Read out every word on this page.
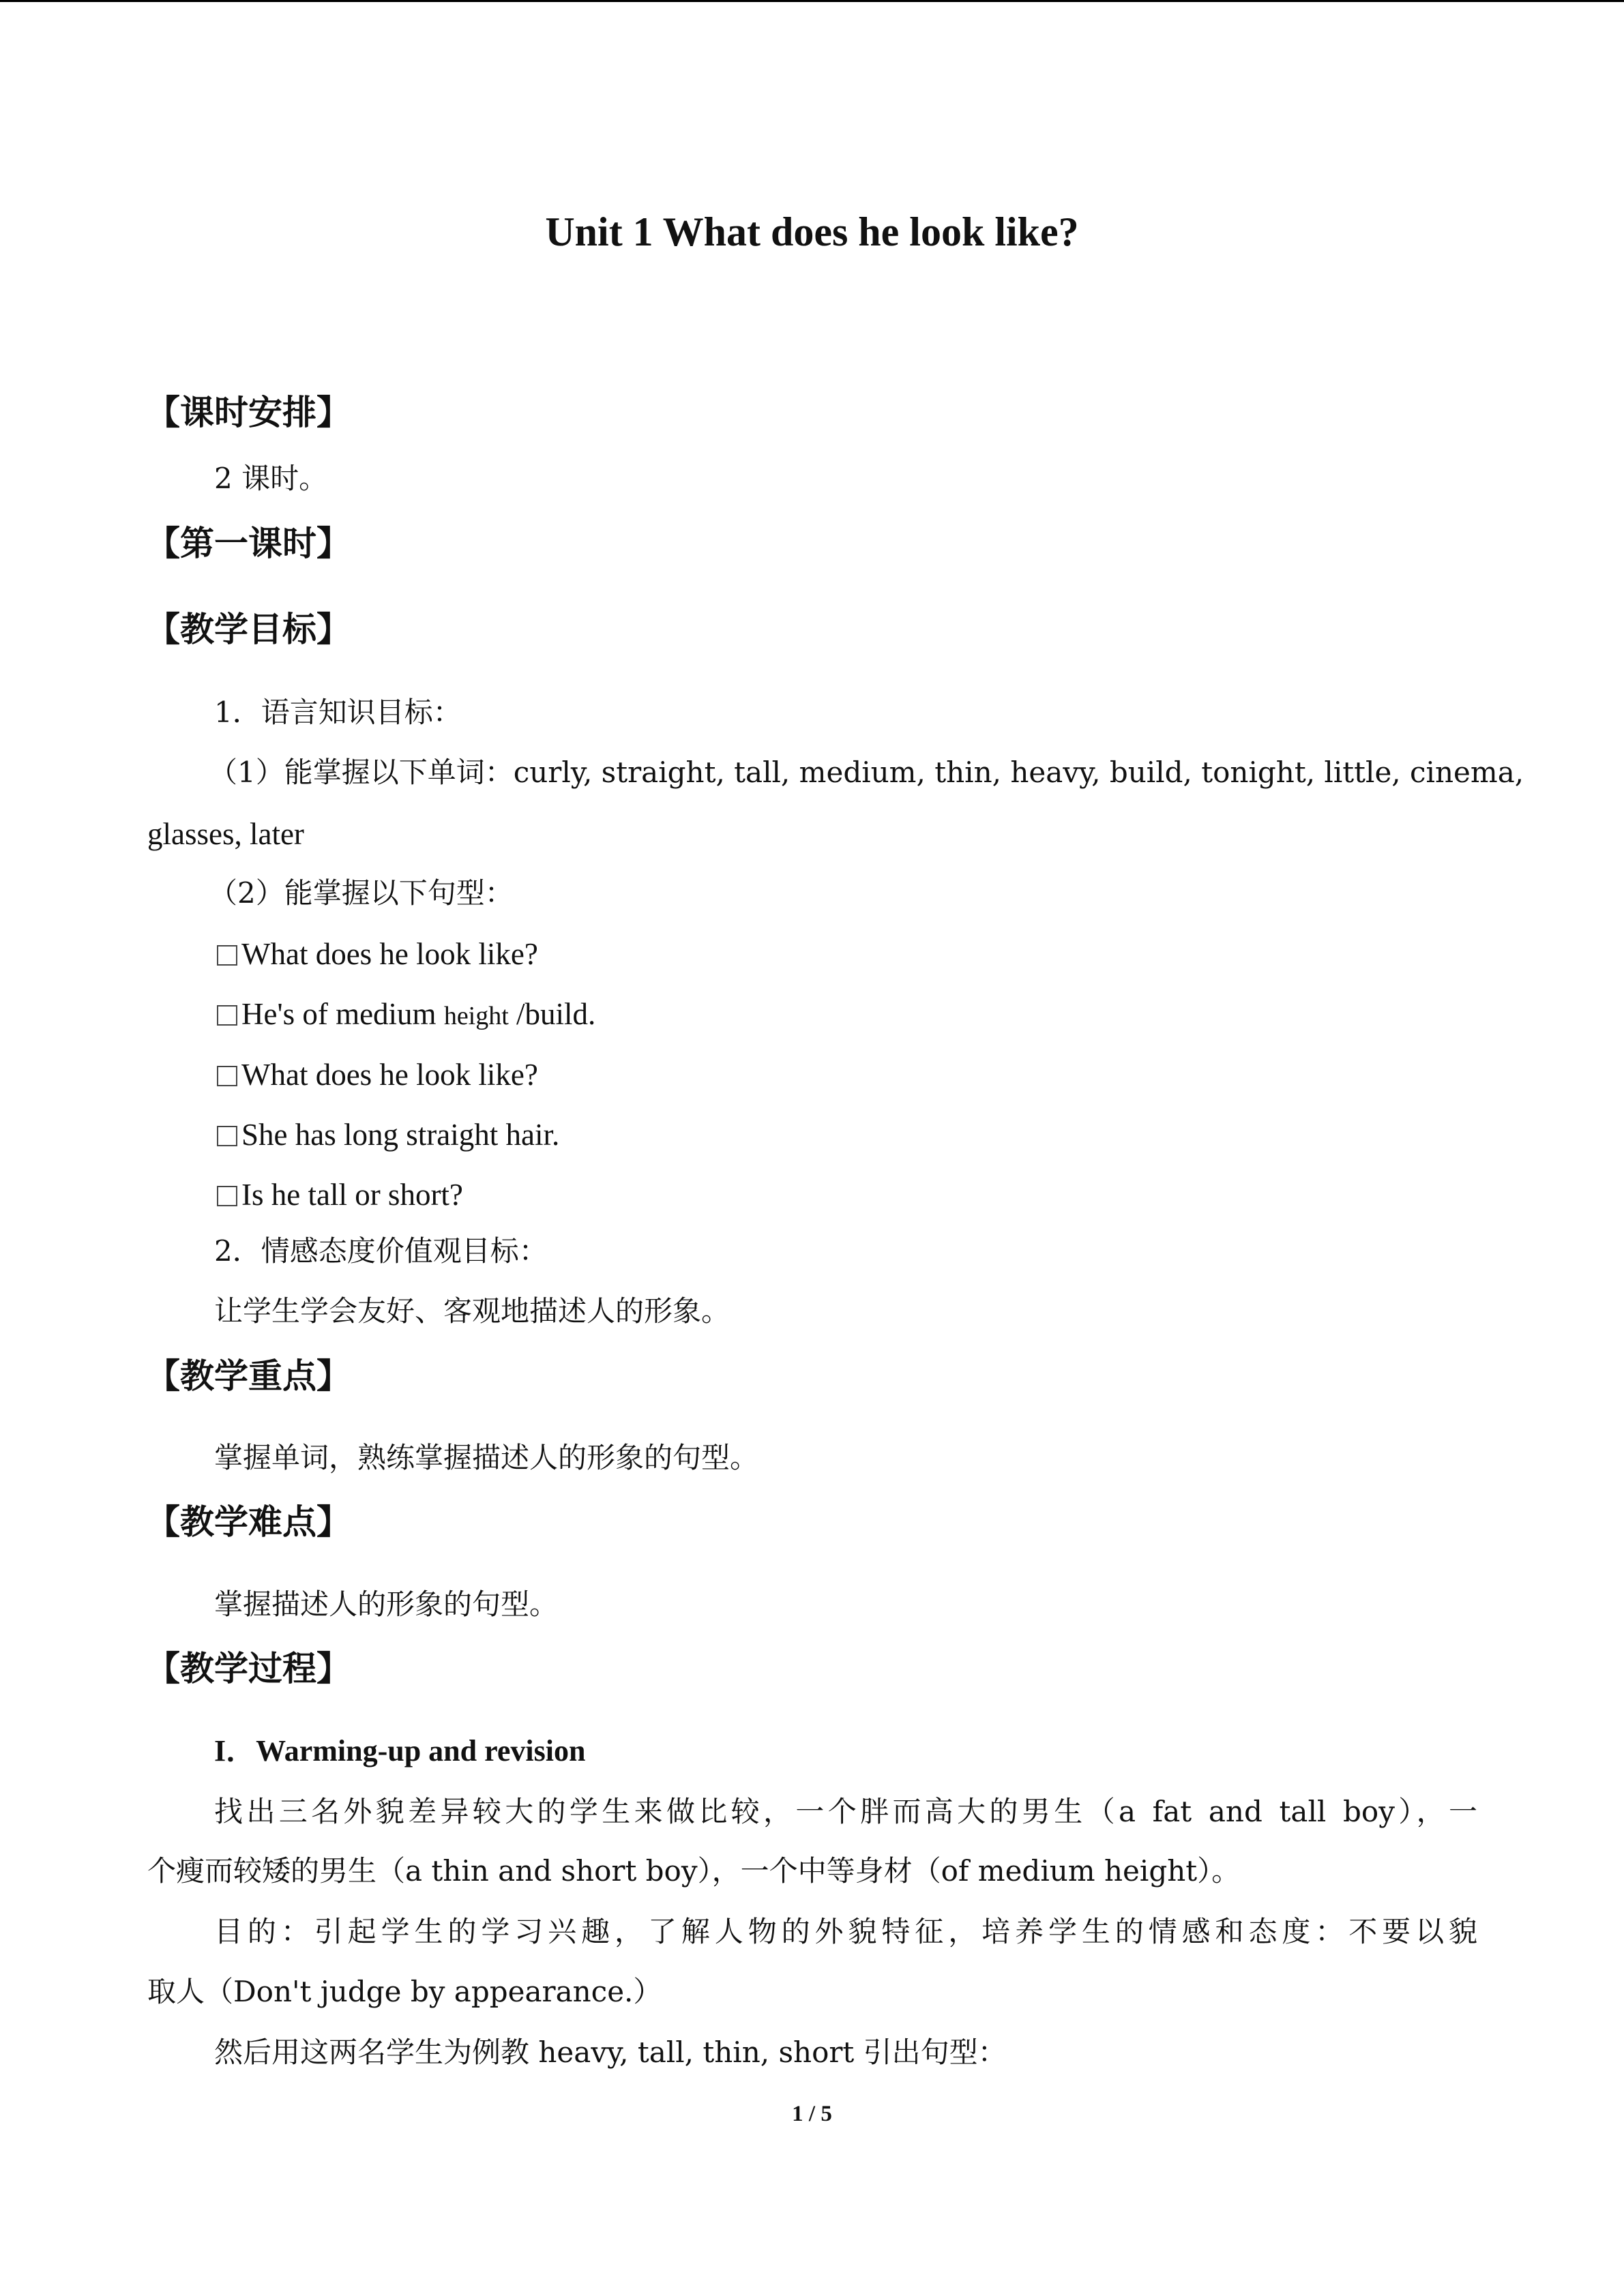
Unit 1 What does he look like?
【课时安排】
2 课时。
【第一课时】
【教学目标】
1．语言知识目标：
（1）能掌握以下单词：curly, straight, tall, medium, thin, heavy, build, tonight, little, cinema,
glasses, later
（2）能掌握以下句型：
What does he look like?
He's of medium height /build.
What does he look like?
She has long straight hair.
Is he tall or short?
2．情感态度价值观目标：
让学生学会友好、客观地描述人的形象。
【教学重点】
掌握单词，熟练掌握描述人的形象的句型。
【教学难点】
掌握描述人的形象的句型。
【教学过程】
I．Warming-up and revision
找出三名外貌差异较大的学生来做比较，一个胖而高大的男生（a fat and tall boy），一
个瘦而较矮的男生（a thin and short boy），一个中等身材（of medium height）。
目的：引起学生的学习兴趣，了解人物的外貌特征，培养学生的情感和态度：不要以貌
取人（Don't judge by appearance.）
然后用这两名学生为例教 heavy, tall, thin, short 引出句型：
1 / 5
